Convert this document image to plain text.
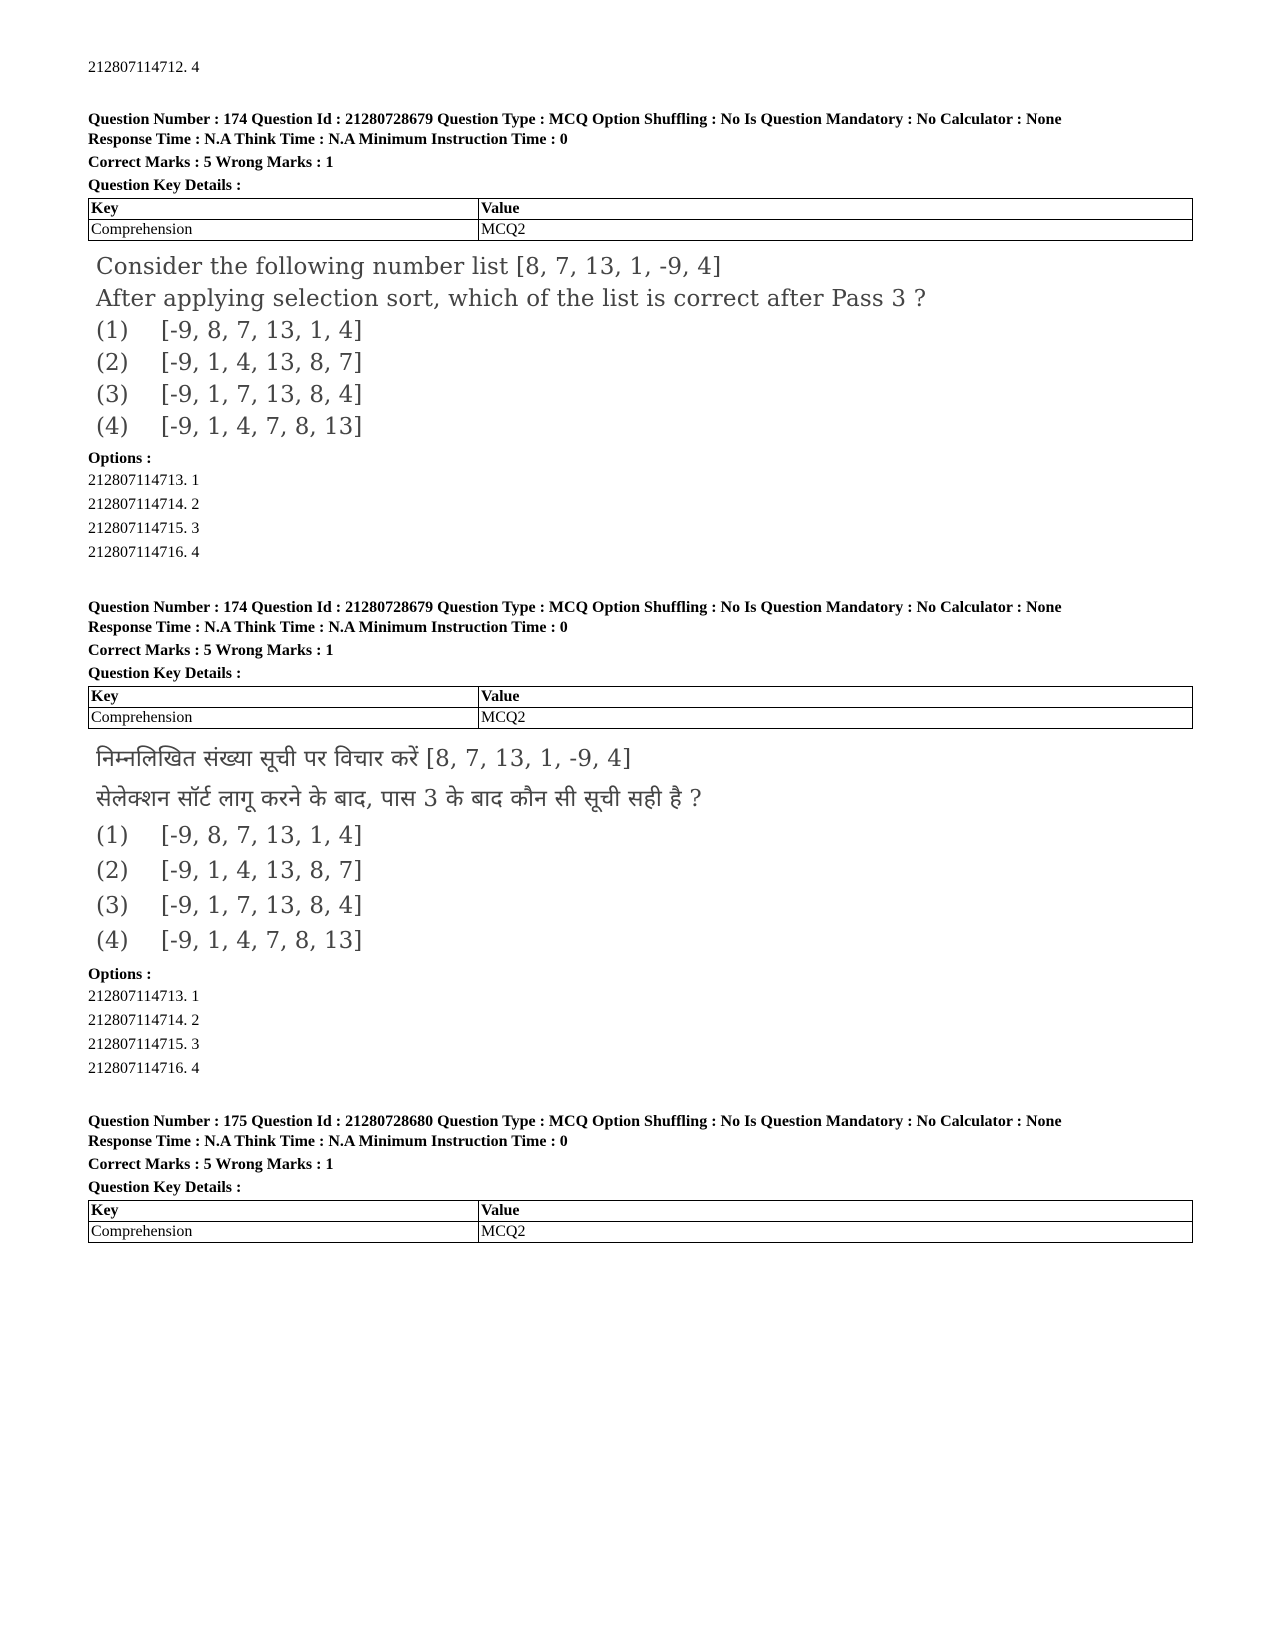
212807114712. 4
Question Number : 174 Question Id : 21280728679 Question Type : MCQ Option Shuffling : No Is Question Mandatory : No Calculator : None
Response Time : N.A Think Time : N.A Minimum Instruction Time : 0
Correct Marks : 5 Wrong Marks : 1
Question Key Details :
Key	Value
Comprehension	MCQ2
Consider the following number list [8, 7, 13, 1, -9, 4]
After applying selection sort, which of the list is correct after Pass 3 ?
(1)	[-9, 8, 7, 13, 1, 4]
(2)	[-9, 1, 4, 13, 8, 7]
(3)	[-9, 1, 7, 13, 8, 4]
(4)	[-9, 1, 4, 7, 8, 13]
Options :
212807114713. 1
212807114714. 2
212807114715. 3
212807114716. 4
Question Number : 174 Question Id : 21280728679 Question Type : MCQ Option Shuffling : No Is Question Mandatory : No Calculator : None
Response Time : N.A Think Time : N.A Minimum Instruction Time : 0
Correct Marks : 5 Wrong Marks : 1
Question Key Details :
Key	Value
Comprehension	MCQ2
निम्नलिखित संख्या सूची पर विचार करें [8, 7, 13, 1, -9, 4]
सेलेक्शन सॉर्ट लागू करने के बाद, पास 3 के बाद कौन सी सूची सही है ?
(1)	[-9, 8, 7, 13, 1, 4]
(2)	[-9, 1, 4, 13, 8, 7]
(3)	[-9, 1, 7, 13, 8, 4]
(4)	[-9, 1, 4, 7, 8, 13]
Options :
212807114713. 1
212807114714. 2
212807114715. 3
212807114716. 4
Question Number : 175 Question Id : 21280728680 Question Type : MCQ Option Shuffling : No Is Question Mandatory : No Calculator : None
Response Time : N.A Think Time : N.A Minimum Instruction Time : 0
Correct Marks : 5 Wrong Marks : 1
Question Key Details :
Key	Value
Comprehension	MCQ2
